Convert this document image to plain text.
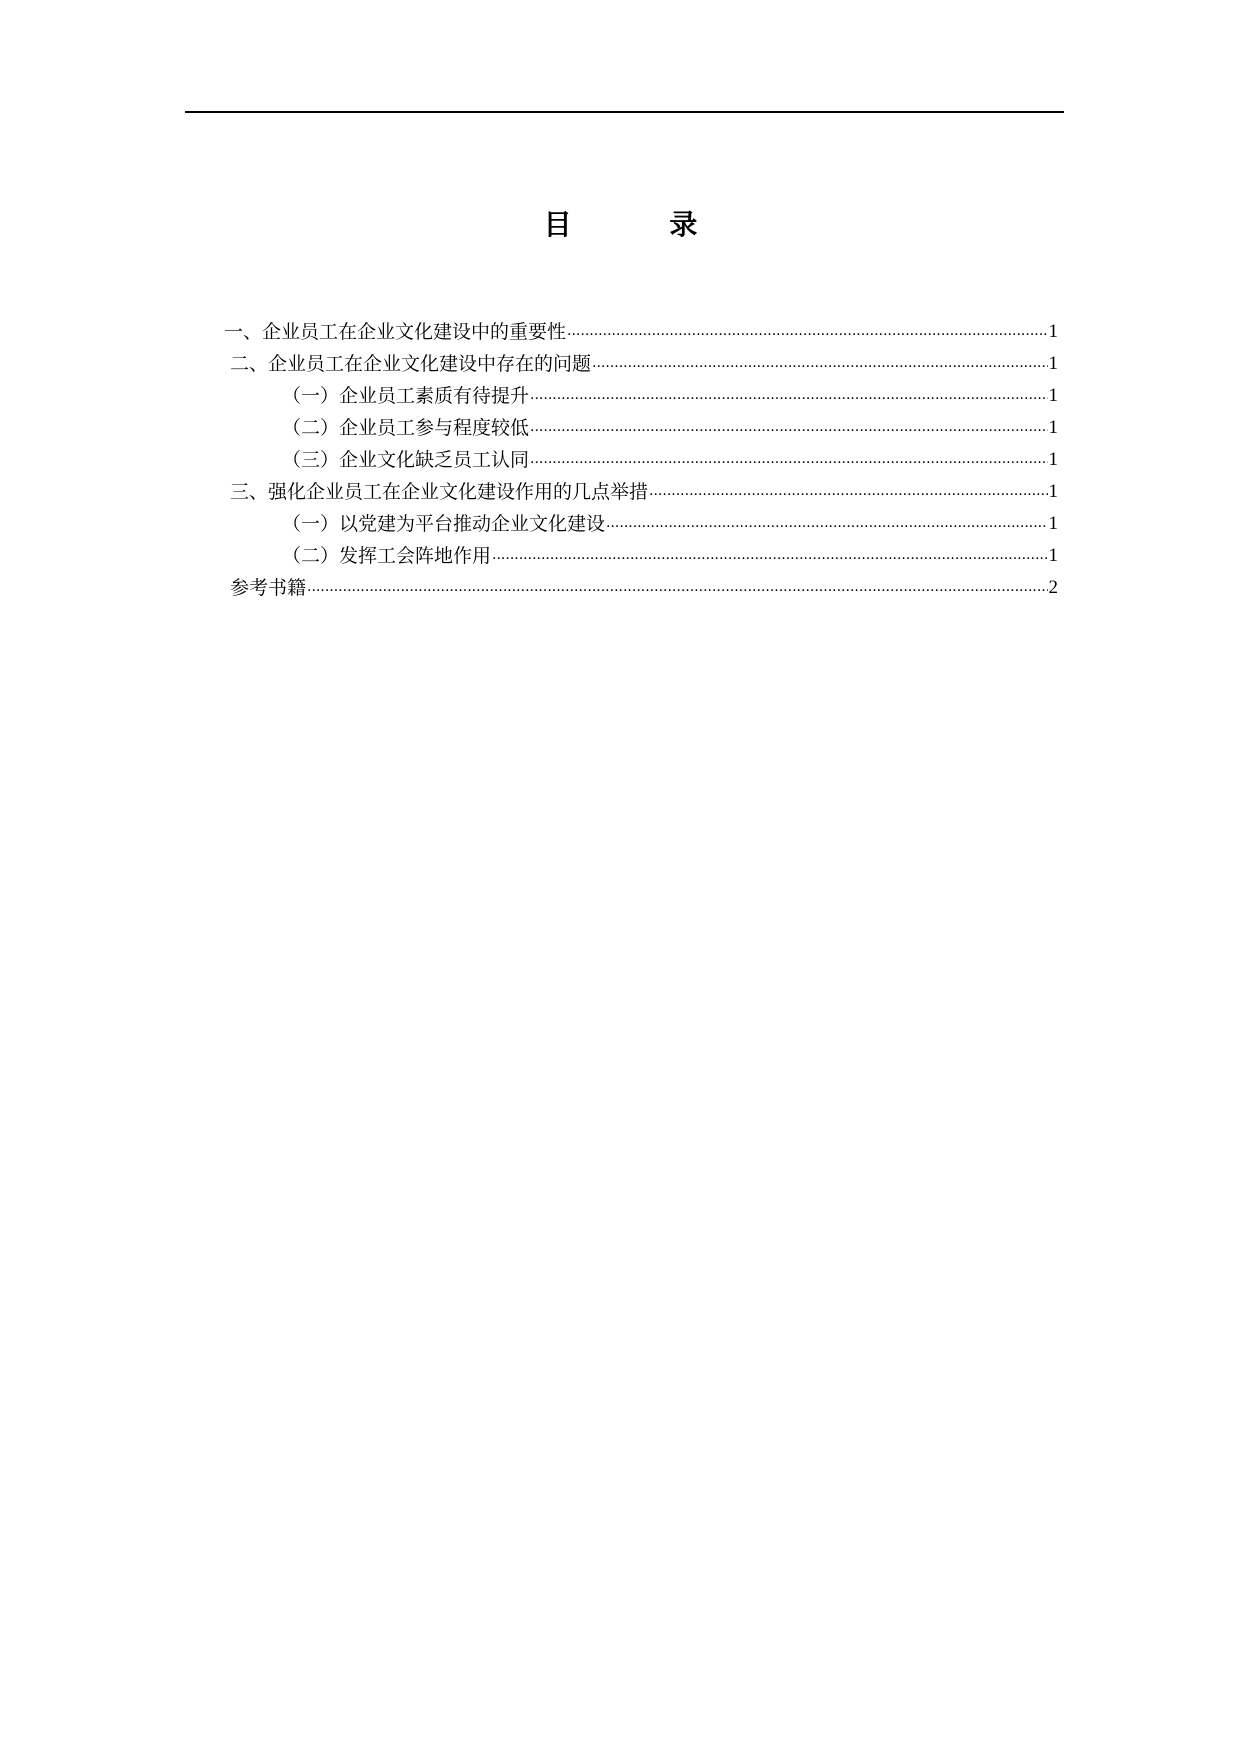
目 录
一、企业员工在企业文化建设中的重要性 .....	1
二、企业员工在企业文化建设中存在的问题 .....	1
（一）企业员工素质有待提升 .....	1
（二）企业员工参与程度较低 .....	1
（三）企业文化缺乏员工认同 .....	1
三、强化企业员工在企业文化建设作用的几点举措 .....	1
（一）以党建为平台推动企业文化建设 .....	1
（二）发挥工会阵地作用 .....	1
参考书籍 .....	2
